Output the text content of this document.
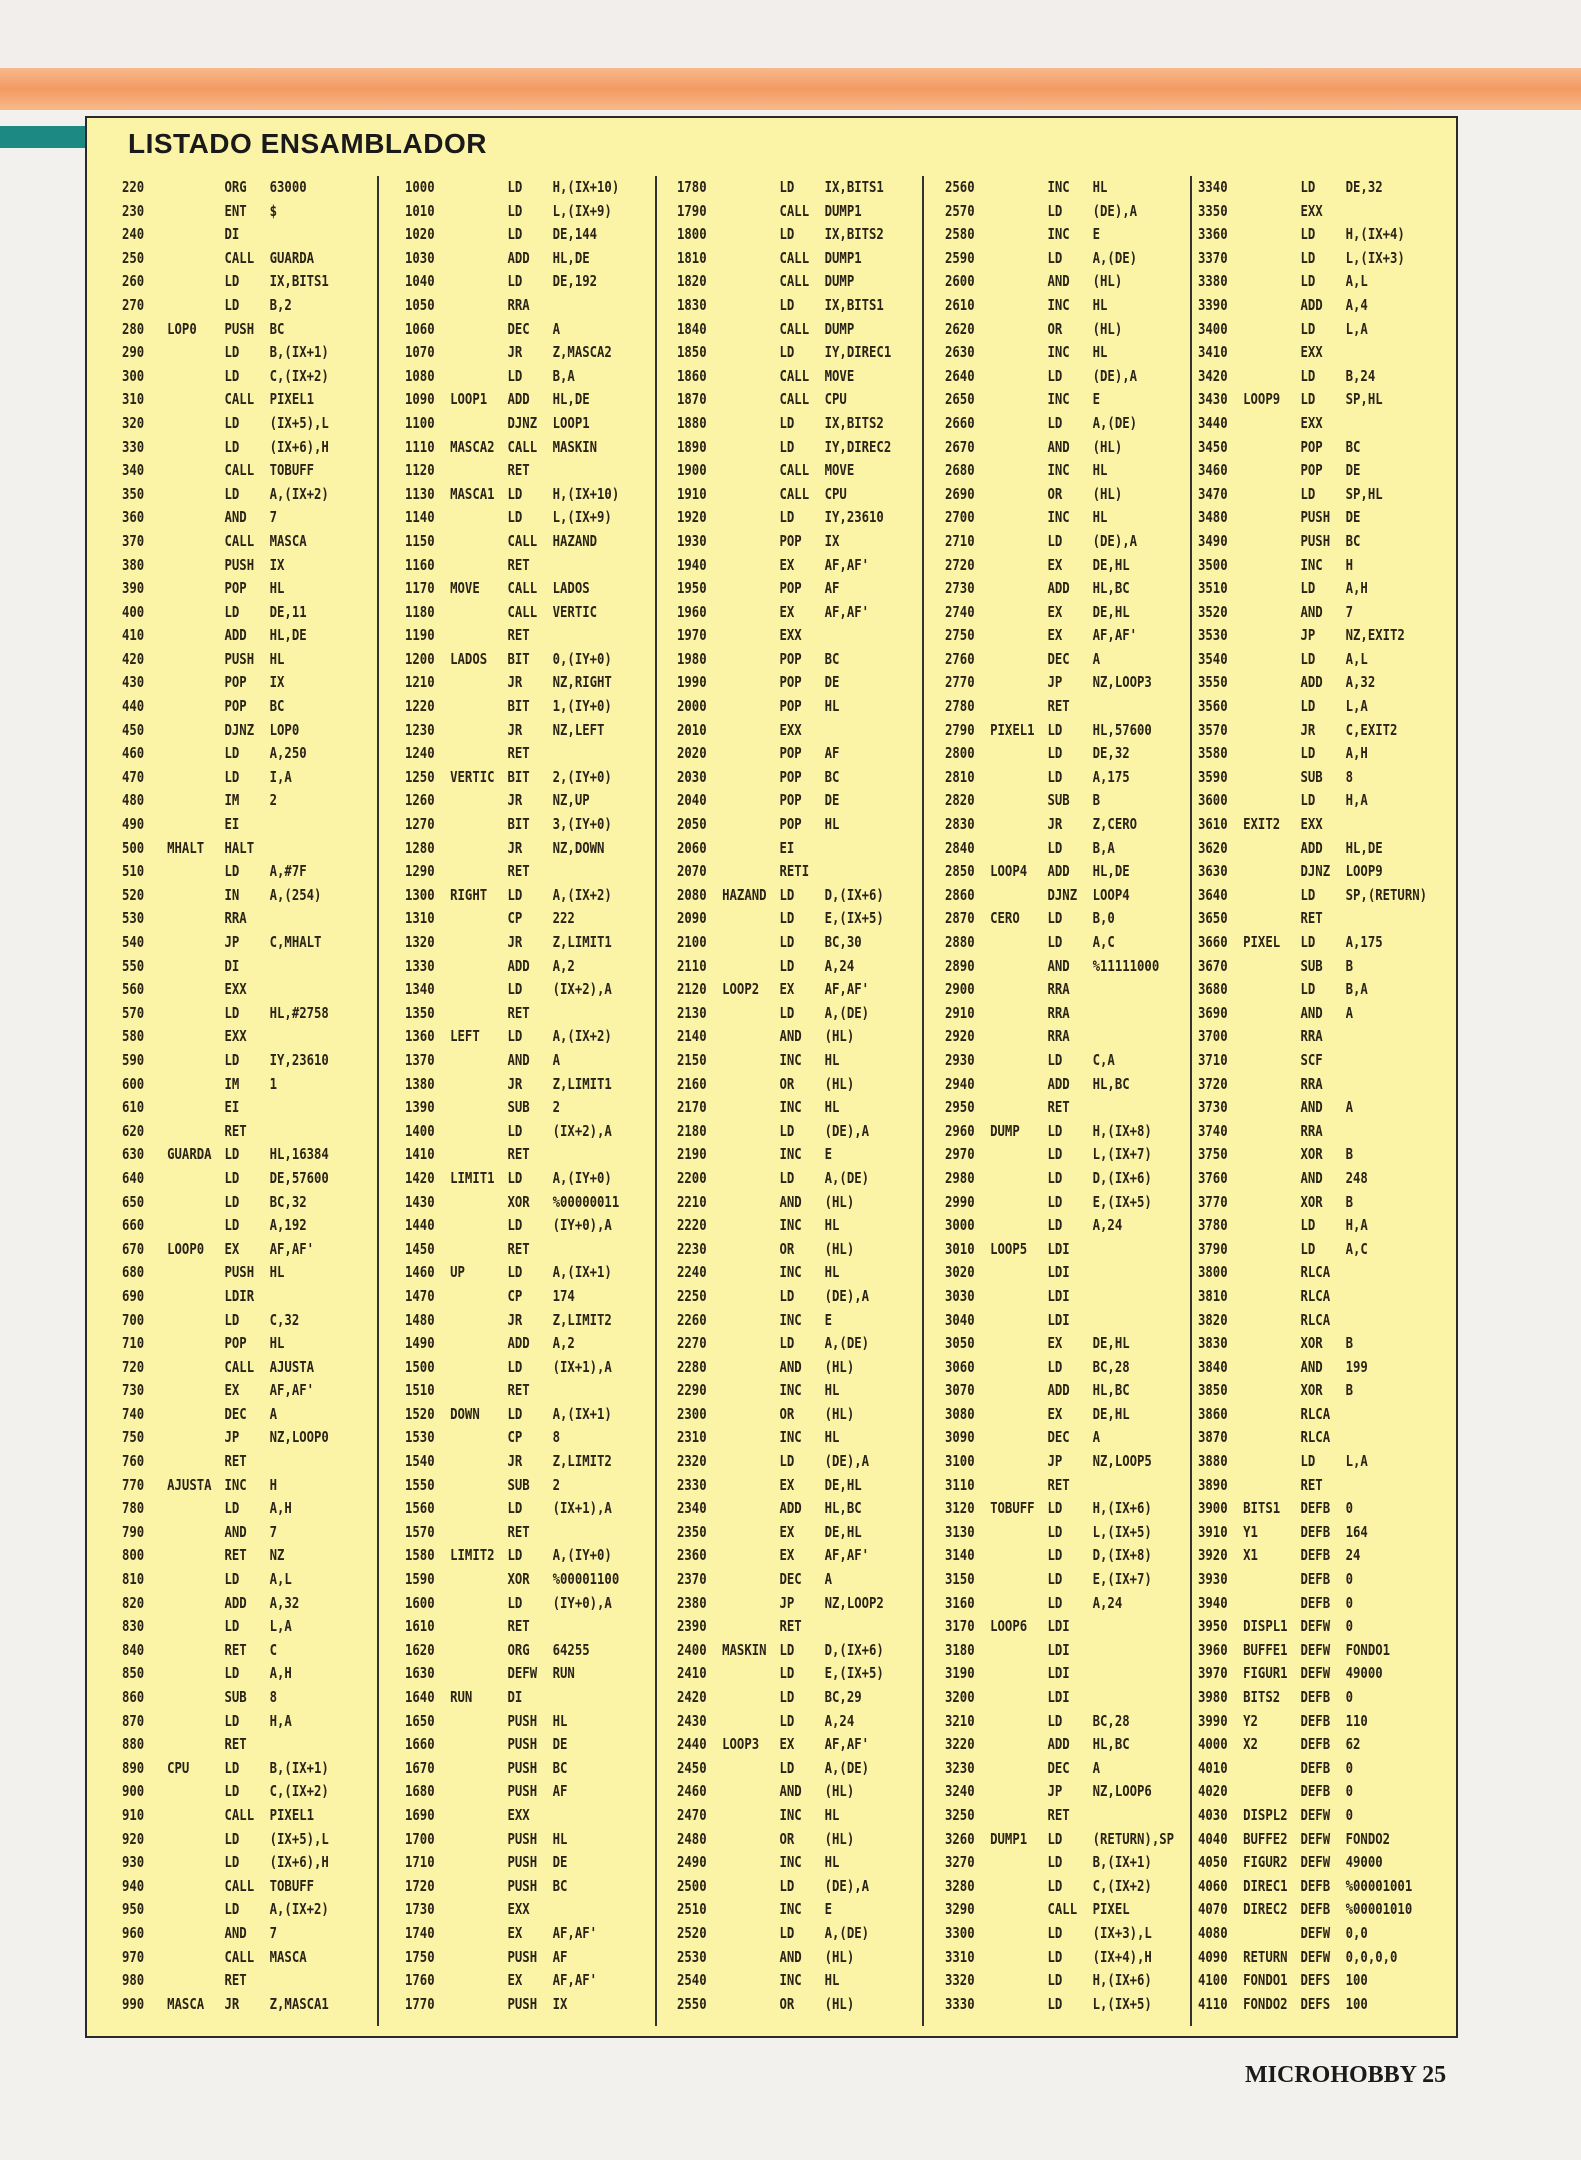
LISTADO ENSAMBLADOR
220	ORG 63000
230	ENT $
240	DI
250	CALL GUARDA
260	LD IX,BITS1
270	LD B,2
280 LOP0 PUSH BC
290	LD B,(IX+1)
300	LD C,(IX+2)
310	CALL PIXEL1
320	LD (IX+5),L
330	LD (IX+6),H
340	CALL TOBUFF
350	LD A,(IX+2)
360	AND 7
370	CALL MASCA
380	PUSH IX
390	POP HL
400	LD DE,11
410	ADD HL,DE
420	PUSH HL
430	POP IX
440	POP BC
450	DJNZ LOP0
460	LD A,250
470	LD I,A
480	IM 2
490	EI
500 MHALT HALT
510	LD A,#7F
520	IN A,(254)
530	RRA
540	JP C,MHALT
550	DI
560	EXX
570	LD HL,#2758
580	EXX
590	LD IY,23610
600	IM 1
610	EI
620	RET
630 GUARDA LD HL,16384
640	LD DE,57600
650	LD BC,32
660	LD A,192
670 LOOP0 EX AF,AF'
680	PUSH HL
690	LDIR
700	LD C,32
710	POP HL
720	CALL AJUSTA
730	EX AF,AF'
740	DEC A
750	JP NZ,LOOP0
760	RET
770 AJUSTA INC H
780	LD A,H
790	AND 7
800	RET NZ
810	LD A,L
820	ADD A,32
830	LD L,A
840	RET C
850	LD A,H
860	SUB 8
870	LD H,A
880	RET
890 CPU LD B,(IX+1)
900	LD C,(IX+2)
910	CALL PIXEL1
920	LD (IX+5),L
930	LD (IX+6),H
940	CALL TOBUFF
950	LD A,(IX+2)
960	AND 7
970	CALL MASCA
980	RET
990 MASCA JR Z,MASCA1
1000	LD H,(IX+10)
1010	LD L,(IX+9)
1020	LD DE,144
1030	ADD HL,DE
1040	LD DE,192
1050	RRA
1060	DEC A
1070	JR Z,MASCA2
1080	LD B,A
1090 LOOP1 ADD HL,DE
1100	DJNZ LOOP1
1110 MASCA2 CALL MASKIN
1120	RET
1130 MASCA1 LD H,(IX+10)
1140	LD L,(IX+9)
1150	CALL HAZAND
1160	RET
1170 MOVE CALL LADOS
1180	CALL VERTIC
1190	RET
1200 LADOS BIT 0,(IY+0)
1210	JR NZ,RIGHT
1220	BIT 1,(IY+0)
1230	JR NZ,LEFT
1240	RET
1250 VERTIC BIT 2,(IY+0)
1260	JR NZ,UP
1270	BIT 3,(IY+0)
1280	JR NZ,DOWN
1290	RET
1300 RIGHT LD A,(IX+2)
1310	CP 222
1320	JR Z,LIMIT1
1330	ADD A,2
1340	LD (IX+2),A
1350	RET
1360 LEFT LD A,(IX+2)
1370	AND A
1380	JR Z,LIMIT1
1390	SUB 2
1400	LD (IX+2),A
1410	RET
1420 LIMIT1 LD A,(IY+0)
1430	XOR %00000011
1440	LD (IY+0),A
1450	RET
1460 UP	LD A,(IX+1)
1470	CP 174
1480	JR Z,LIMIT2
1490	ADD A,2
1500	LD (IX+1),A
1510	RET
1520 DOWN LD A,(IX+1)
1530	CP 8
1540	JR Z,LIMIT2
1550	SUB 2
1560	LD (IX+1),A
1570	RET
1580 LIMIT2 LD A,(IY+0)
1590	XOR %00001100
1600	LD (IY+0),A
1610	RET
1620	ORG 64255
1630	DEFW RUN
1640 RUN DI
1650	PUSH HL
1660	PUSH DE
1670	PUSH BC
1680	PUSH AF
1690	EXX
1700	PUSH HL
1710	PUSH DE
1720	PUSH BC
1730	EXX
1740	EX AF,AF'
1750	PUSH AF
1760	EX AF,AF'
1770	PUSH IX
1780	LD IX,BITS1
1790	CALL DUMP1
1800	LD IX,BITS2
1810	CALL DUMP1
1820	CALL DUMP
1830	LD IX,BITS1
1840	CALL DUMP
1850	LD IY,DIREC1
1860	CALL MOVE
1870	CALL CPU
1880	LD IX,BITS2
1890	LD IY,DIREC2
1900	CALL MOVE
1910	CALL CPU
1920	LD IY,23610
1930	POP IX
1940	EX AF,AF'
1950	POP AF
1960	EX AF,AF'
1970	EXX
1980	POP BC
1990	POP DE
2000	POP HL
2010	EXX
2020	POP AF
2030	POP BC
2040	POP DE
2050	POP HL
2060	EI
2070	RETI
2080 HAZAND LD D,(IX+6)
2090	LD E,(IX+5)
2100	LD BC,30
2110	LD A,24
2120 LOOP2 EX AF,AF'
2130	LD A,(DE)
2140	AND (HL)
2150	INC HL
2160	OR (HL)
2170	INC HL
2180	LD (DE),A
2190	INC E
2200	LD A,(DE)
2210	AND (HL)
2220	INC HL
2230	OR (HL)
2240	INC HL
2250	LD (DE),A
2260	INC E
2270	LD A,(DE)
2280	AND (HL)
2290	INC HL
2300	OR (HL)
2310	INC HL
2320	LD (DE),A
2330	EX DE,HL
2340	ADD HL,BC
2350	EX DE,HL
2360	EX AF,AF'
2370	DEC A
2380	JP NZ,LOOP2
2390	RET
2400 MASKIN LD D,(IX+6)
2410	LD E,(IX+5)
2420	LD BC,29
2430	LD A,24
2440 LOOP3 EX AF,AF'
2450	LD A,(DE)
2460	AND (HL)
2470	INC HL
2480	OR (HL)
2490	INC HL
2500	LD (DE),A
2510	INC E
2520	LD A,(DE)
2530	AND (HL)
2540	INC HL
2550	OR (HL)
2560	INC HL
2570	LD (DE),A
2580	INC E
2590	LD A,(DE)
2600	AND (HL)
2610	INC HL
2620	OR (HL)
2630	INC HL
2640	LD (DE),A
2650	INC E
2660	LD A,(DE)
2670	AND (HL)
2680	INC HL
2690	OR (HL)
2700	INC HL
2710	LD (DE),A
2720	EX DE,HL
2730	ADD HL,BC
2740	EX DE,HL
2750	EX AF,AF'
2760	DEC A
2770	JP NZ,LOOP3
2780	RET
2790 PIXEL1 LD HL,57600
2800	LD DE,32
2810	LD A,175
2820	SUB B
2830	JR Z,CERO
2840	LD B,A
2850 LOOP4 ADD HL,DE
2860	DJNZ LOOP4
2870 CERO LD B,0
2880	LD A,C
2890	AND %11111000
2900	RRA
2910	RRA
2920	RRA
2930	LD C,A
2940	ADD HL,BC
2950	RET
2960 DUMP LD H,(IX+8)
2970	LD L,(IX+7)
2980	LD D,(IX+6)
2990	LD E,(IX+5)
3000	LD A,24
3010 LOOP5 LDI
3020	LDI
3030	LDI
3040	LDI
3050	EX DE,HL
3060	LD BC,28
3070	ADD HL,BC
3080	EX DE,HL
3090	DEC A
3100	JP NZ,LOOP5
3110	RET
3120 TOBUFF LD H,(IX+6)
3130	LD L,(IX+5)
3140	LD D,(IX+8)
3150	LD E,(IX+7)
3160	LD A,24
3170 LOOP6 LDI
3180	LDI
3190	LDI
3200	LDI
3210	LD BC,28
3220	ADD HL,BC
3230	DEC A
3240	JP NZ,LOOP6
3250	RET
3260 DUMP1 LD (RETURN),SP
3270	LD B,(IX+1)
3280	LD C,(IX+2)
3290	CALL PIXEL
3300	LD (IX+3),L
3310	LD (IX+4),H
3320	LD H,(IX+6)
3330	LD L,(IX+5)
3340	LD DE,32
3350	EXX
3360	LD H,(IX+4)
3370	LD L,(IX+3)
3380	LD A,L
3390	ADD A,4
3400	LD L,A
3410	EXX
3420	LD B,24
3430 LOOP9 LD SP,HL
3440	EXX
3450	POP BC
3460	POP DE
3470	LD SP,HL
3480	PUSH DE
3490	PUSH BC
3500	INC H
3510	LD A,H
3520	AND 7
3530	JP NZ,EXIT2
3540	LD A,L
3550	ADD A,32
3560	LD L,A
3570	JR C,EXIT2
3580	LD A,H
3590	SUB 8
3600	LD H,A
3610 EXIT2 EXX
3620	ADD HL,DE
3630	DJNZ LOOP9
3640	LD SP,(RETURN)
3650	RET
3660 PIXEL LD A,175
3670	SUB B
3680	LD B,A
3690	AND A
3700	RRA
3710	SCF
3720	RRA
3730	AND A
3740	RRA
3750	XOR B
3760	AND 248
3770	XOR B
3780	LD H,A
3790	LD A,C
3800	RLCA
3810	RLCA
3820	RLCA
3830	XOR B
3840	AND 199
3850	XOR B
3860	RLCA
3870	RLCA
3880	LD L,A
3890	RET
3900 BITS1 DEFB 0
3910 Y1	DEFB 164
3920 X1	DEFB 24
3930	DEFB 0
3940	DEFB 0
3950 DISPL1 DEFW 0
3960 BUFFE1 DEFW FONDO1
3970 FIGUR1 DEFW 49000
3980 BITS2 DEFB 0
3990 Y2	DEFB 110
4000 X2	DEFB 62
4010	DEFB 0
4020	DEFB 0
4030 DISPL2 DEFW 0
4040 BUFFE2 DEFW FONDO2
4050 FIGUR2 DEFW 49000
4060 DIREC1 DEFB %00001001
4070 DIREC2 DEFB %00001010
4080	DEFW 0,0
4090 RETURN DEFW 0,0,0,0
4100 FONDO1 DEFS 100
4110 FONDO2 DEFS 100
MICROHOBBY 25
